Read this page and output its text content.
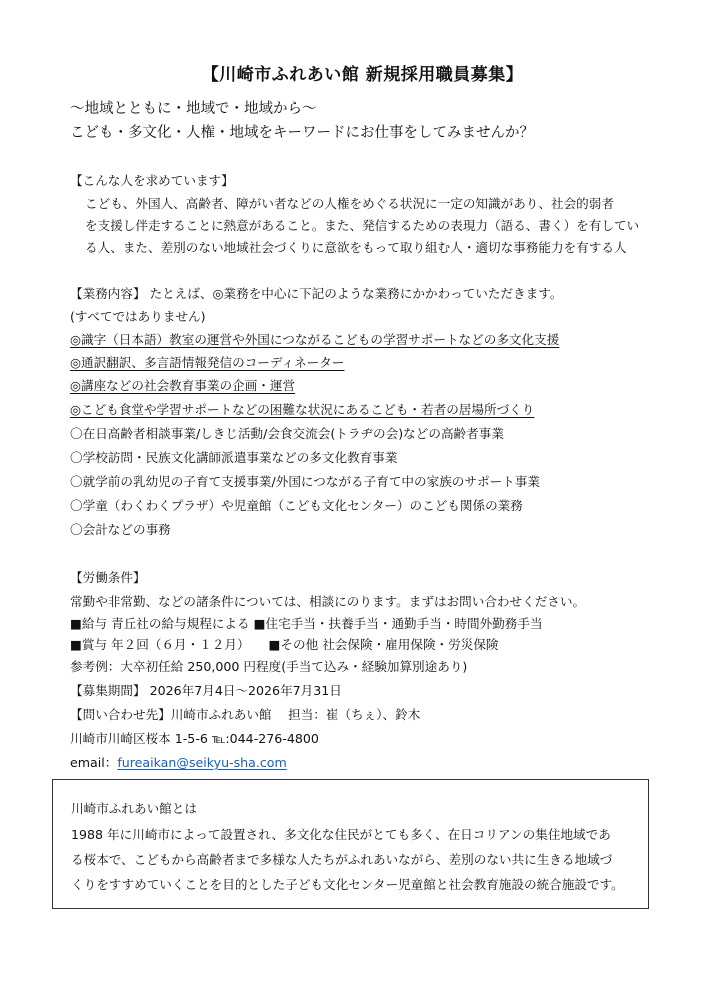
【川崎市ふれあい館 新規採用職員募集】
～地域とともに・地域で・地域から～
こども・多文化・人権・地域をキーワードにお仕事をしてみませんか？
【こんな人を求めています】
こども、外国人、高齢者、障がい者などの人権をめぐる状況に一定の知識があり、社会的弱者
を支援し伴走することに熱意があること。また、発信するための表現力（語る、書く）を有してい
る人、また、差別のない地域社会づくりに意欲をもって取り組む人・適切な事務能力を有する人
【業務内容】 たとえば、◎業務を中心に下記のような業務にかかわっていただきます。
(すべてではありません)
◎識字（日本語）教室の運営や外国につながるこどもの学習サポートなどの多文化支援
◎通訳翻訳、多言語情報発信のコーディネーター
◎講座などの社会教育事業の企画・運営
◎こども食堂や学習サポートなどの困難な状況にあるこども・若者の居場所づくり
〇在日高齢者相談事業/しきじ活動/会食交流会(トラヂの会)などの高齢者事業
〇学校訪問・民族文化講師派遣事業などの多文化教育事業
〇就学前の乳幼児の子育て支援事業/外国につながる子育て中の家族のサポート事業
〇学童（わくわくプラザ）や児童館（こども文化センター）のこども関係の業務
〇会計などの事務
【労働条件】
常勤や非常勤、などの諸条件については、相談にのります。まずはお問い合わせください。
■給与 青丘社の給与規程による ■住宅手当・扶養手当・通勤手当・時間外勤務手当
■賞与 年２回（６月・１２月）　　■その他 社会保険・雇用保険・労災保険
参考例：大卒初任給 250,000 円程度(手当て込み・経験加算別途あり)
【募集期間】 2026年7月4日～2026年7月31日
【問い合わせ先】川崎市ふれあい館　 担当：崔（ちぇ）、鈴木
川崎市川崎区桜本 1-5-6 ℡:044-276-4800
email：fureaikan@seikyu-sha.com
川崎市ふれあい館とは
1988 年に川崎市によって設置され、多文化な住民がとても多く、在日コリアンの集住地域であ
る桜本で、こどもから高齢者まで多様な人たちがふれあいながら、差別のない共に生きる地域づ
くりをすすめていくことを目的とした子ども文化センター児童館と社会教育施設の統合施設です。
